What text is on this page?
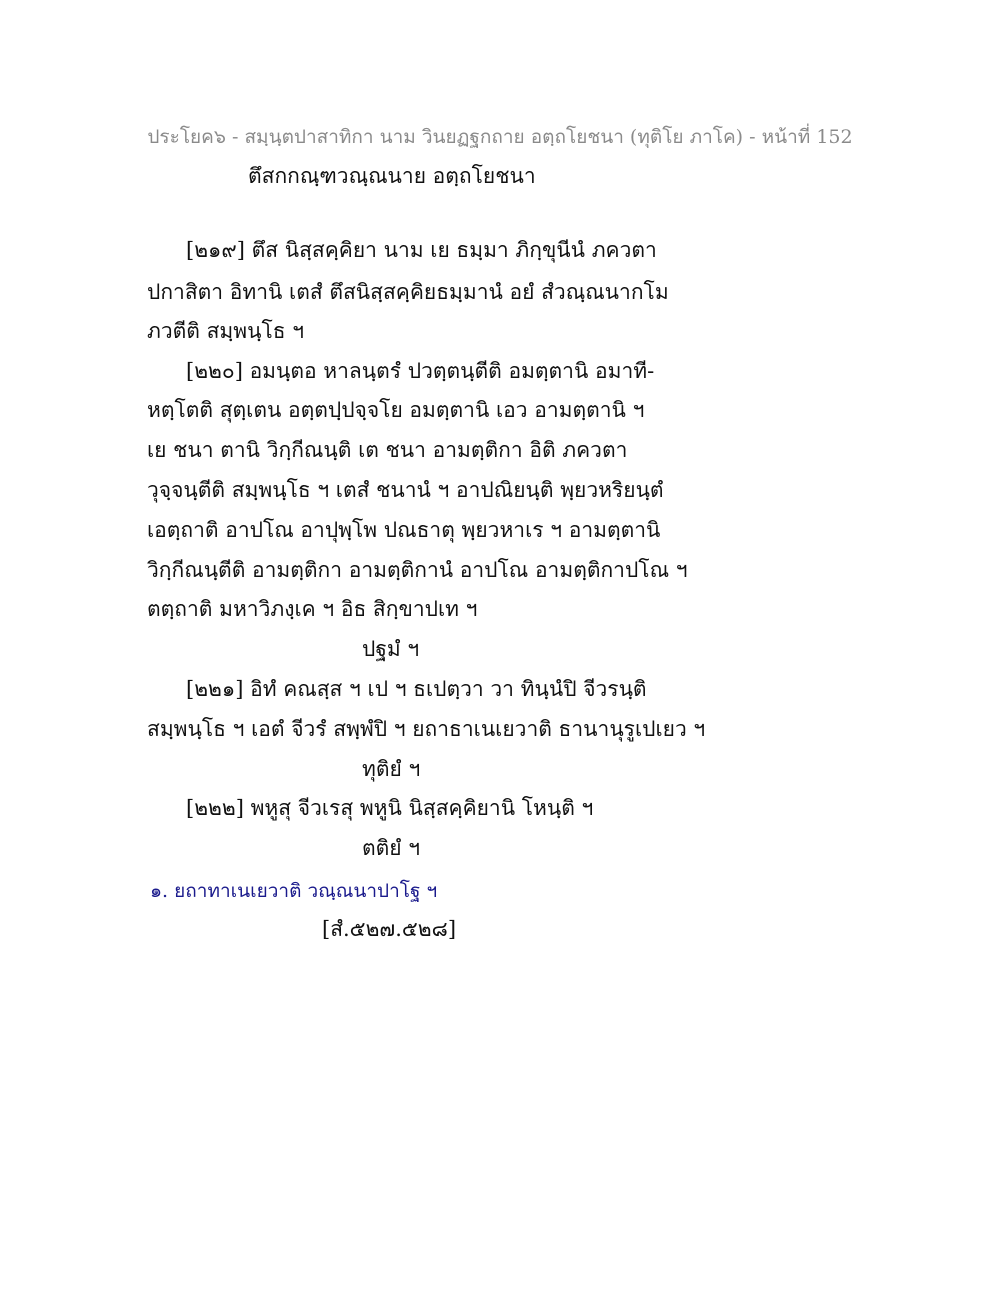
ประโยค๖ - สมฺนฺตปาสาทิกา นาม วินยฏฐกถาย อตฺถโยชนา (ทุติโย ภาโค) - หน้าที่ 152
ตึสกกณฺฑวณฺณนาย อตฺถโยชนา
[๒๑๙] ตึส นิสฺสคฺคิยา นาม เย ธมฺมา ภิกฺขุนีนํ ภควตา
ปกาสิตา อิทานิ เตสํ ตึสนิสฺสคฺคิยธมฺมานํ อยํ สํวณฺณนากโม
ภวตีติ สมฺพนฺโธ ฯ
[๒๒๐] อมนฺตอ หาลนฺตรํ ปวตฺตนฺตีติ อมตฺตานิ อมาที-
หตฺโตติ สุตฺเตน อตฺตปฺปจฺจโย อมตฺตานิ เอว อามตฺตานิ ฯ
เย ชนา ตานิ วิกฺกีณนฺติ เต ชนา อามตฺติกา อิติ ภควตา
วุจฺจนฺตีติ สมฺพนฺโธ ฯ เตสํ ชนานํ ฯ อาปณิยนฺติ พฺยวหริยนฺตํ
เอตฺถาติ อาปโณ อาปุพฺโพ ปณธาตุ พฺยวหาเร ฯ อามตฺตานิ
วิกฺกีณนฺตีติ อามตฺติกา อามตฺติกานํ อาปโณ อามตฺติกาปโณ ฯ
ตตฺถาติ มหาวิภงฺเค ฯ อิธ สิกฺขาปเท ฯ
ปฐมํ ฯ
[๒๒๑] อิทํ คณสฺส ฯ เป ฯ ธเปตฺวา วา ทินฺนํปิ จีวรนฺติ
สมฺพนฺโธ ฯ เอตํ จีวรํ สพฺพํปิ ฯ ยถาธาเนเยวาติ ธานานุรูเปเยว ฯ
ทุติยํ ฯ
[๒๒๒] พหูสุ จีวเรสุ พหูนิ นิสฺสคฺคิยานิ โหนฺติ ฯ
ตติยํ ฯ
๑. ยถาทาเนเยวาติ วณฺณนาปาโฐ ฯ
[สํ.๕๒๗.๕๒๘]
